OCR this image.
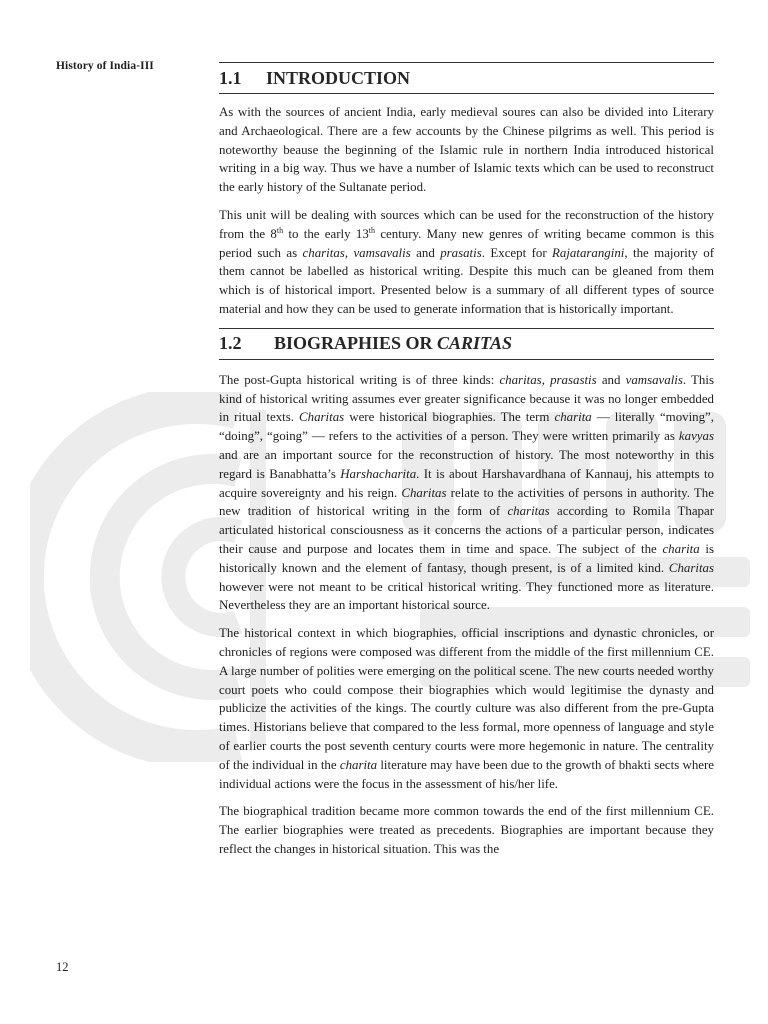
History of India-III
1.1	INTRODUCTION

As with the sources of ancient India, early medieval soures can also be divided into Literary and Archaeological. There are a few accounts by the Chinese pilgrims as well. This period is noteworthy beause the beginning of the Islamic rule in northern India introduced historical writing in a big way. Thus we have a number of Islamic texts which can be used to reconstruct the early history of the Sultanate period.

This unit will be dealing with sources which can be used for the reconstruction of the history from the 8th to the early 13th century. Many new genres of writing became common is this period such as charitas, vamsavalis and prasatis. Except for Rajatarangini, the majority of them cannot be labelled as historical writing. Despite this much can be gleaned from them which is of historical import. Presented below is a summary of all different types of source material and how they can be used to generate information that is historically important.

1.2	BIOGRAPHIES OR CARITAS

The post-Gupta historical writing is of three kinds: charitas, prasastis and vamsavalis. This kind of historical writing assumes ever greater significance because it was no longer embedded in ritual texts. Charitas were historical biographies. The term charita — literally “moving”, “doing”, “going” — refers to the activities of a person. They were written primarily as kavyas and are an important source for the reconstruction of history. The most noteworthy in this regard is Banabhatta’s Harshacharita. It is about Harshavardhana of Kannauj, his attempts to acquire sovereignty and his reign. Charitas relate to the activities of persons in authority. The new tradition of historical writing in the form of charitas according to Romila Thapar articulated historical consciousness as it concerns the actions of a particular person, indicates their cause and purpose and locates them in time and space. The subject of the charita is historically known and the element of fantasy, though present, is of a limited kind. Charitas however were not meant to be critical historical writing. They functioned more as literature. Nevertheless they are an important historical source.

The historical context in which biographies, official inscriptions and dynastic chronicles, or chronicles of regions were composed was different from the middle of the first millennium CE. A large number of polities were emerging on the political scene. The new courts needed worthy court poets who could compose their biographies which would legitimise the dynasty and publicize the activities of the kings. The courtly culture was also different from the pre-Gupta times. Historians believe that compared to the less formal, more openness of language and style of earlier courts the post seventh century courts were more hegemonic in nature. The centrality of the individual in the charita literature may have been due to the growth of bhakti sects where individual actions were the focus in the assessment of his/her life.

The biographical tradition became more common towards the end of the first millennium CE. The earlier biographies were treated as precedents. Biographies are important because they reflect the changes in historical situation. This was the

12
